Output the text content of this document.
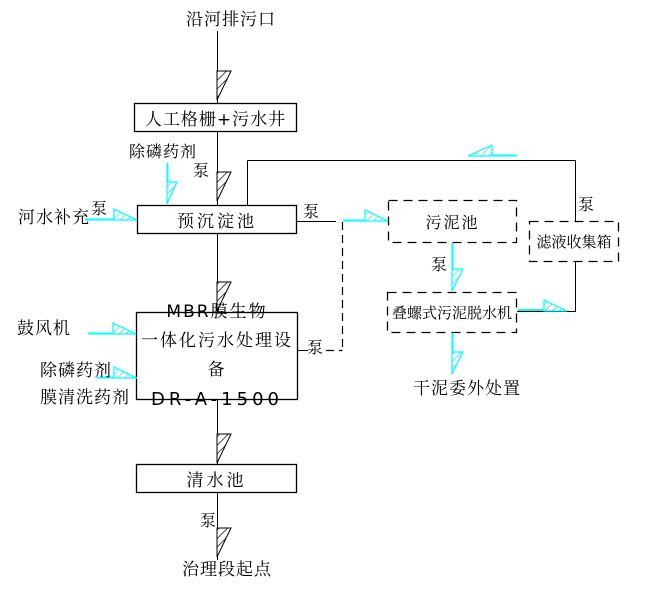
沿河排污口
除磷药剂
河水补充
鼓风机
除磷药剂
膜清洗药剂	干泥委外处置
治理段起点
泵
泵	泵
泵
泵
泵
泵
人工格栅+污水井
预沉淀池
MBR膜生物
一体化污水处理设备
DR-A-1500
清水池
污泥池
滤液收集箱
叠螺式污泥脱水机
